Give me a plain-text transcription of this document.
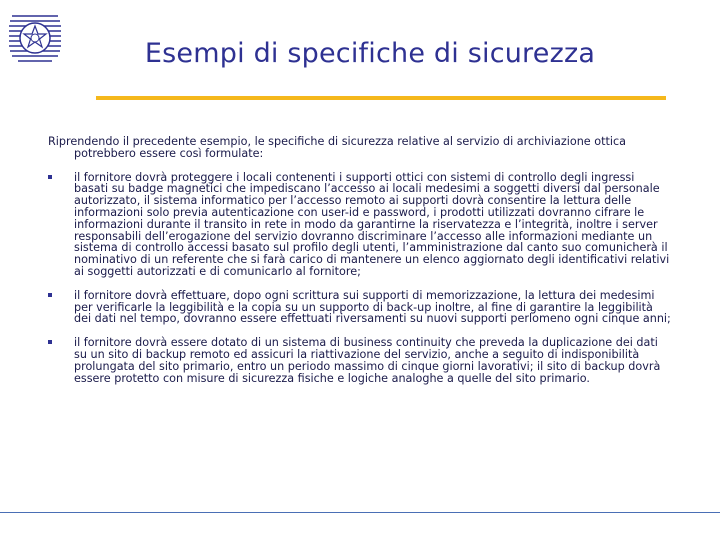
Esempi di specifiche di sicurezza

Riprendendo il precedente esempio, le specifiche di sicurezza relative al servizio di archiviazione ottica potrebbero essere così formulate:

il fornitore dovrà proteggere i locali contenenti i supporti ottici con sistemi di controllo degli ingressi basati su badge magnetici che impediscano l’accesso ai locali medesimi a soggetti diversi dal personale autorizzato, il sistema informatico per l’accesso remoto ai supporti dovrà consentire la lettura delle informazioni solo previa autenticazione con user-id e password, i prodotti utilizzati dovranno cifrare le informazioni durante il transito in rete in modo da garantirne la riservatezza e l’integrità, inoltre i server responsabili dell’erogazione del servizio dovranno discriminare l’accesso alle informazioni mediante un sistema di controllo accessi basato sul profilo degli utenti, l’amministrazione dal canto suo comunicherà il nominativo di un referente che si farà carico di mantenere un elenco aggiornato degli identificativi relativi ai soggetti autorizzati e di comunicarlo al fornitore;
il fornitore dovrà effettuare, dopo ogni scrittura sui supporti di memorizzazione, la lettura dei medesimi per verificarle la leggibilità e la copia su un supporto di back-up inoltre, al fine di garantire la leggibilità dei dati nel tempo, dovranno essere effettuati riversamenti su nuovi supporti perlomeno ogni cinque anni;
il fornitore dovrà essere dotato di un sistema di business continuity che preveda la duplicazione dei dati su un sito di backup remoto ed assicuri la riattivazione del servizio, anche a seguito di indisponibilità prolungata del sito primario, entro un periodo massimo di cinque giorni lavorativi; il sito di backup dovrà essere protetto con misure di sicurezza fisiche e logiche analoghe a quelle del sito primario.
